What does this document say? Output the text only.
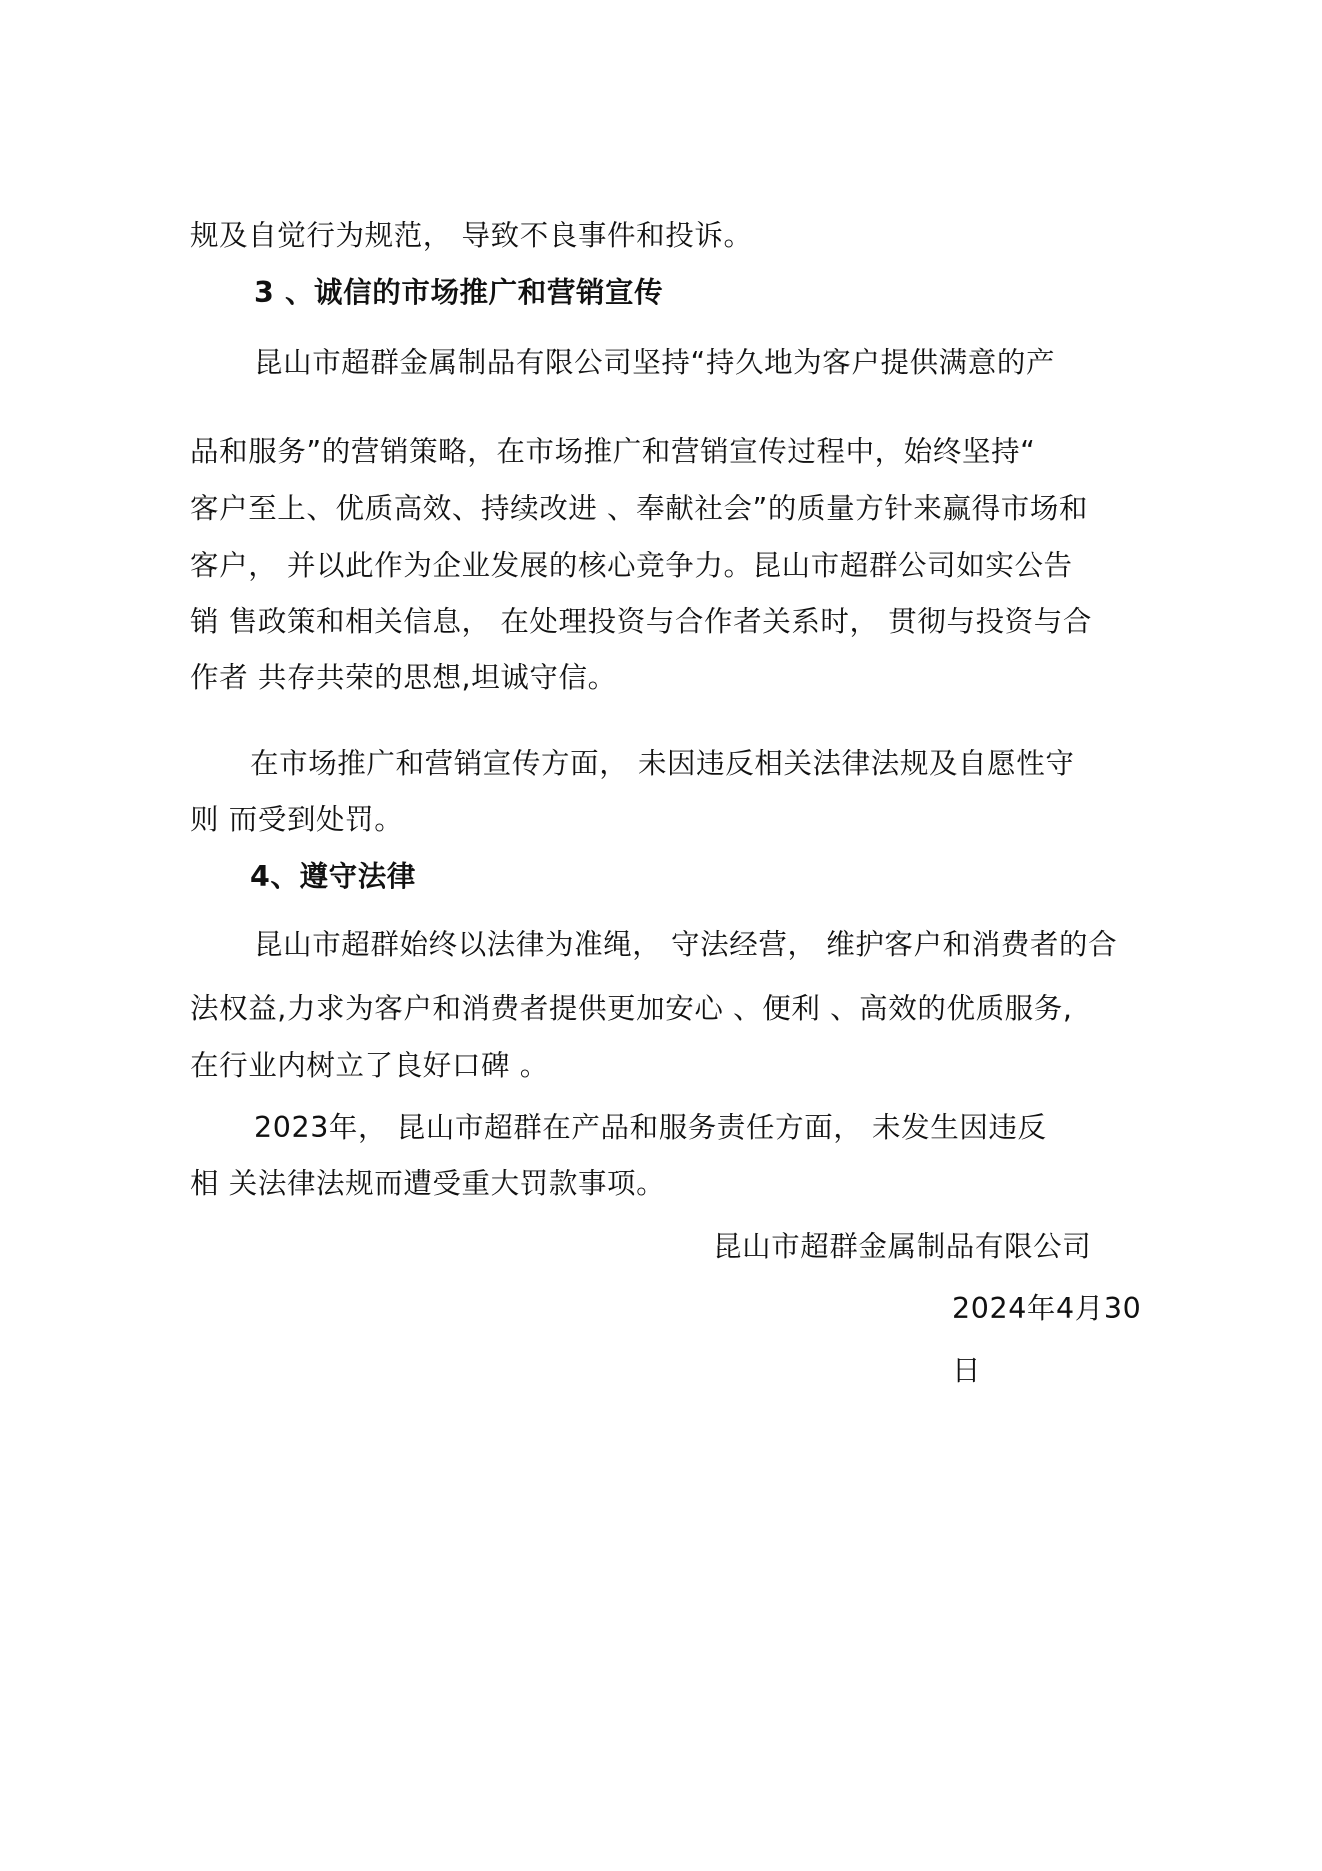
规及自觉行为规范， 导致不良事件和投诉。
3 、诚信的市场推广和营销宣传
昆山市超群金属制品有限公司坚持“持久地为客户提供满意的产
品和服务”的营销策略，在市场推广和营销宣传过程中，始终坚持“
客户至上、优质高效、持续改进 、奉献社会”的质量方针来赢得市场和
客户， 并以此作为企业发展的核心竞争力。昆山市超群公司如实公告
销 售政策和相关信息， 在处理投资与合作者关系时， 贯彻与投资与合
作者 共存共荣的思想,坦诚守信。
在市场推广和营销宣传方面， 未因违反相关法律法规及自愿性守
则 而受到处罚。
4、遵守法律
昆山市超群始终以法律为准绳， 守法经营， 维护客户和消费者的合
法权益,力求为客户和消费者提供更加安心 、便利 、高效的优质服务,
在行业内树立了良好口碑 。
2023年， 昆山市超群在产品和服务责任方面， 未发生因违反
相 关法律法规而遭受重大罚款事项。
昆山市超群金属制品有限公司
2024年4月30
日
